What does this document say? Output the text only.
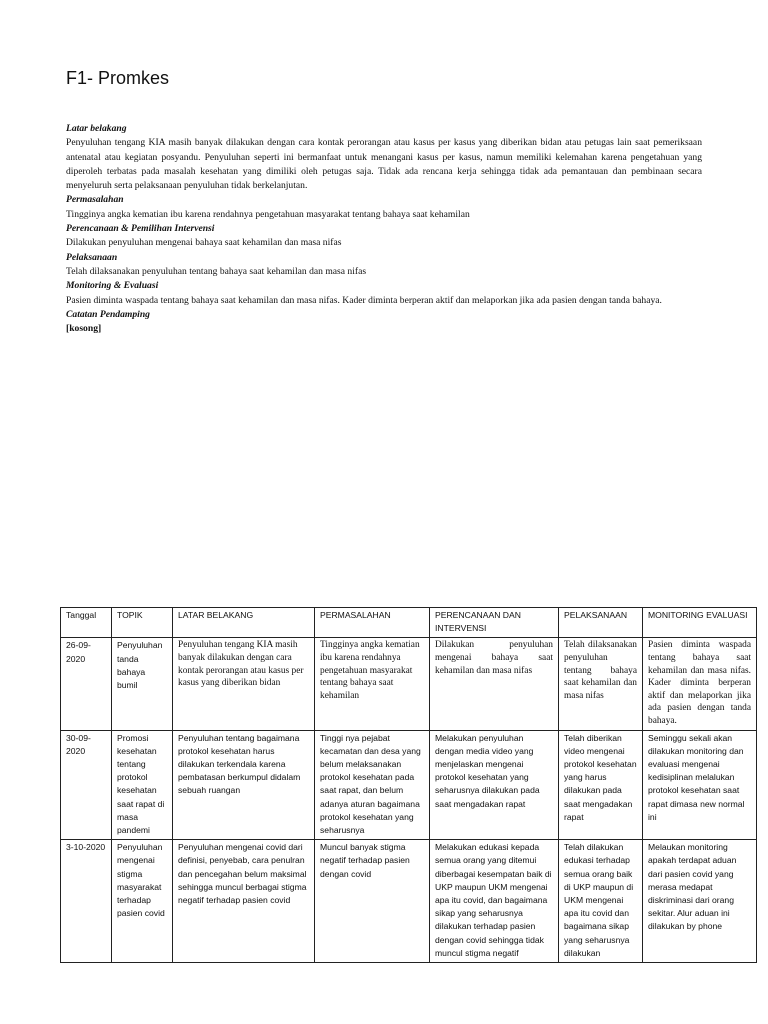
F1- Promkes
Latar belakang
Penyuluhan tengang KIA masih banyak dilakukan dengan cara kontak perorangan atau kasus per kasus yang diberikan bidan atau petugas lain saat pemeriksaan antenatal atau kegiatan posyandu. Penyuluhan seperti ini bermanfaat untuk menangani kasus per kasus, namun memiliki kelemahan karena pengetahuan yang diperoleh terbatas pada masalah kesehatan yang dimiliki oleh petugas saja. Tidak ada rencana kerja sehingga tidak ada pemantauan dan pembinaan secara menyeluruh serta pelaksanaan penyuluhan tidak berkelanjutan.
Permasalahan
Tingginya angka kematian ibu karena rendahnya pengetahuan masyarakat tentang bahaya saat kehamilan
Perencanaan & Pemilihan Intervensi
Dilakukan penyuluhan mengenai bahaya saat kehamilan dan masa nifas
Pelaksanaan
Telah dilaksanakan penyuluhan tentang bahaya saat kehamilan dan masa nifas
Monitoring & Evaluasi
Pasien diminta waspada tentang bahaya saat kehamilan dan masa nifas. Kader diminta berperan aktif dan melaporkan jika ada pasien dengan tanda bahaya.
Catatan Pendamping
[kosong]
Tanggal	TOPIK	LATAR BELAKANG	PERMASALAHAN	PERENCANAAN DAN INTERVENSI	PELAKSANAAN	MONITORING EVALUASI
26-09-2020	Penyuluhan tanda bahaya bumil	Penyuluhan tengang KIA masih banyak dilakukan dengan cara kontak perorangan atau kasus per kasus yang diberikan bidan	Tingginya angka kematian ibu karena rendahnya pengetahuan masyarakat tentang bahaya saat kehamilan	Dilakukan penyuluhan mengenai bahaya saat kehamilan dan masa nifas	Telah dilaksanakan penyuluhan tentang bahaya saat kehamilan dan masa nifas	Pasien diminta waspada tentang bahaya saat kehamilan dan masa nifas. Kader diminta berperan aktif dan melaporkan jika ada pasien dengan tanda bahaya.
30-09-2020	Promosi kesehatan tentang protokol kesehatan saat rapat di masa pandemi	Penyuluhan tentang bagaimana protokol kesehatan harus dilakukan terkendala karena pembatasan berkumpul didalam sebuah ruangan	Tinggi nya pejabat kecamatan dan desa yang belum melaksanakan protokol kesehatan pada saat rapat, dan belum adanya aturan bagaimana protokol kesehatan yang seharusnya	Melakukan penyuluhan dengan media video yang menjelaskan mengenai protokol kesehatan yang seharusnya dilakukan pada saat mengadakan rapat	Telah diberikan video mengenai protokol kesehatan yang harus dilakukan pada saat mengadakan rapat	Seminggu sekali akan dilakukan monitoring dan evaluasi mengenai kedisiplinan melalukan protokol kesehatan saat rapat dimasa new normal ini
3-10-2020	Penyuluhan mengenai stigma masyarakat terhadap pasien covid	Penyuluhan mengenai covid dari definisi, penyebab, cara penulran dan pencegahan belum maksimal sehingga muncul berbagai stigma negatif terhadap pasien covid	Muncul banyak stigma negatif terhadap pasien dengan covid	Melakukan edukasi kepada semua orang yang ditemui diberbagai kesempatan baik di UKP maupun UKM mengenai apa itu covid, dan bagaimana sikap yang seharusnya dilakukan terhadap pasien dengan covid sehingga tidak muncul stigma negatif	Telah dilakukan edukasi terhadap semua orang baik di UKP maupun di UKM mengenai apa itu covid dan bagaimana sikap yang seharusnya dilakukan	Melaukan monitoring apakah terdapat aduan dari pasien covid yang merasa medapat diskriminasi dari orang sekitar. Alur aduan ini dilakukan by phone
